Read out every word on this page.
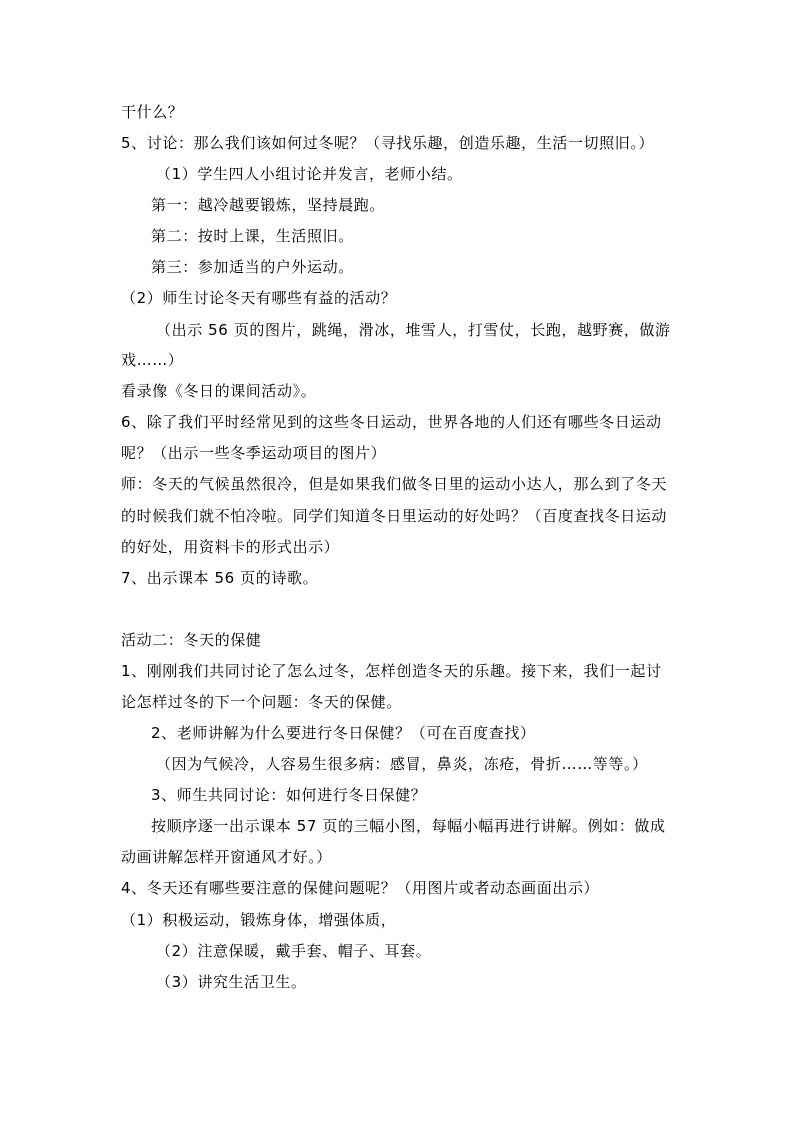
干什么？
5、讨论：那么我们该如何过冬呢？（寻找乐趣，创造乐趣，生活一切照旧。）
（1）学生四人小组讨论并发言，老师小结。
第一：越冷越要锻炼，坚持晨跑。
第二：按时上课，生活照旧。
第三：参加适当的户外运动。
（2）师生讨论冬天有哪些有益的活动？
（出示 56 页的图片，跳绳，滑冰，堆雪人，打雪仗，长跑，越野赛，做游
戏……）
看录像《冬日的课间活动》。
6、除了我们平时经常见到的这些冬日运动，世界各地的人们还有哪些冬日运动
呢？（出示一些冬季运动项目的图片）
师：冬天的气候虽然很冷，但是如果我们做冬日里的运动小达人，那么到了冬天
的时候我们就不怕冷啦。同学们知道冬日里运动的好处吗？（百度查找冬日运动
的好处，用资料卡的形式出示）
7、出示课本 56 页的诗歌。
活动二：冬天的保健
1、刚刚我们共同讨论了怎么过冬，怎样创造冬天的乐趣。接下来，我们一起讨
论怎样过冬的下一个问题：冬天的保健。
2、老师讲解为什么要进行冬日保健？（可在百度查找）
（因为气候冷，人容易生很多病：感冒，鼻炎，冻疮，骨折……等等。）
3、师生共同讨论：如何进行冬日保健？
按顺序逐一出示课本 57 页的三幅小图，每幅小幅再进行讲解。例如：做成
动画讲解怎样开窗通风才好。）
4、冬天还有哪些要注意的保健问题呢？（用图片或者动态画面出示）
（1）积极运动，锻炼身体，增强体质，
（2）注意保暖，戴手套、帽子、耳套。
（3）讲究生活卫生。
